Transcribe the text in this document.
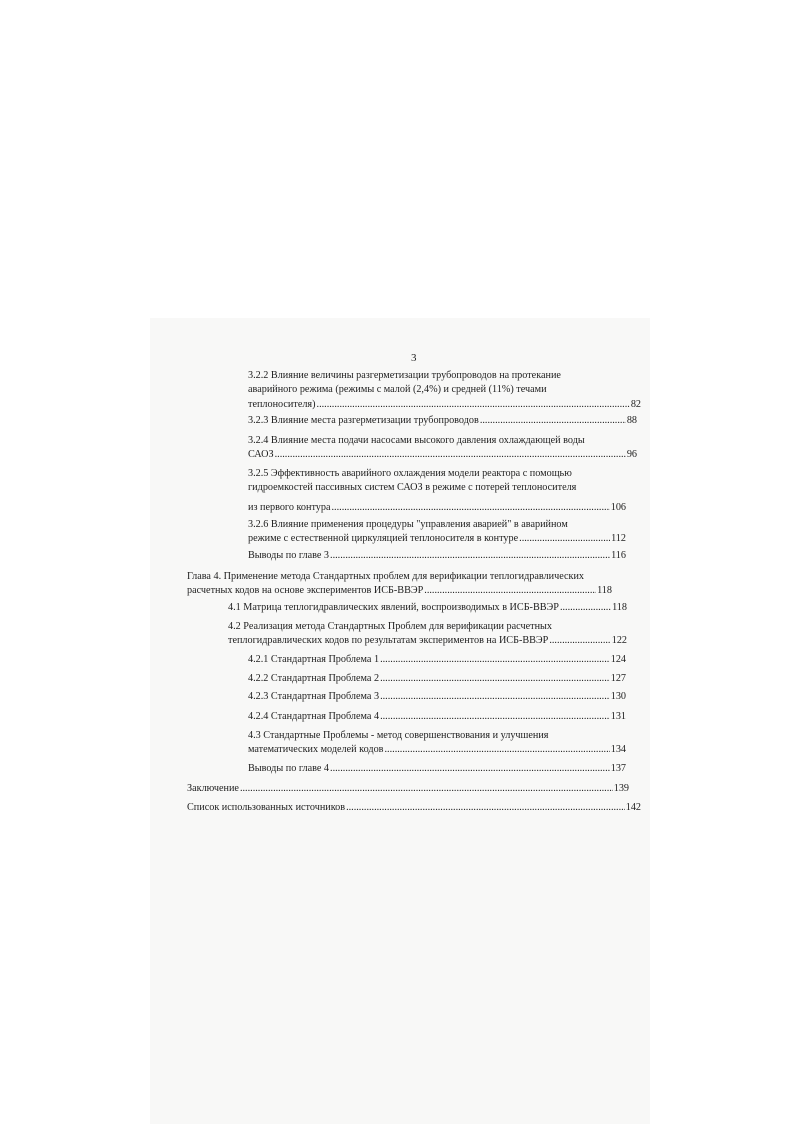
3
3.2.2 Влияние величины разгерметизации трубопроводов на протекание
аварийного режима (режимы с малой (2,4%) и средней (11%) течами
теплоносителя) .....	82
3.2.3 Влияние места разгерметизации трубопроводов .....	88
3.2.4 Влияние места подачи насосами высокого давления охлаждающей воды
САОЗ .....	96
3.2.5 Эффективность аварийного охлаждения модели реактора с помощью
гидроемкостей пассивных систем САОЗ в режиме с потерей теплоносителя
из первого контура .....	106
3.2.6 Влияние применения процедуры "управления аварией" в аварийном
режиме с естественной циркуляцией теплоносителя в контуре .....	112
Выводы по главе 3 .....	116
Глава 4. Применение метода Стандартных проблем для верификации теплогидравлических
расчетных кодов на основе экспериментов ИСБ-ВВЭР .....	118
4.1 Матрица теплогидравлических явлений, воспроизводимых в ИСБ-ВВЭР .....	118
4.2 Реализация метода Стандартных Проблем для верификации расчетных
теплогидравлических кодов по результатам экспериментов на ИСБ-ВВЭР .....	122
4.2.1 Стандартная Проблема 1 .....	124
4.2.2 Стандартная Проблема 2 .....	127
4.2.3 Стандартная Проблема 3 .....	130
4.2.4 Стандартная Проблема 4 .....	131
4.3 Стандартные Проблемы - метод совершенствования и улучшения
математических моделей кодов .....	134
Выводы по главе 4 .....	137
Заключение .....	139
Список использованных источников .....	142
